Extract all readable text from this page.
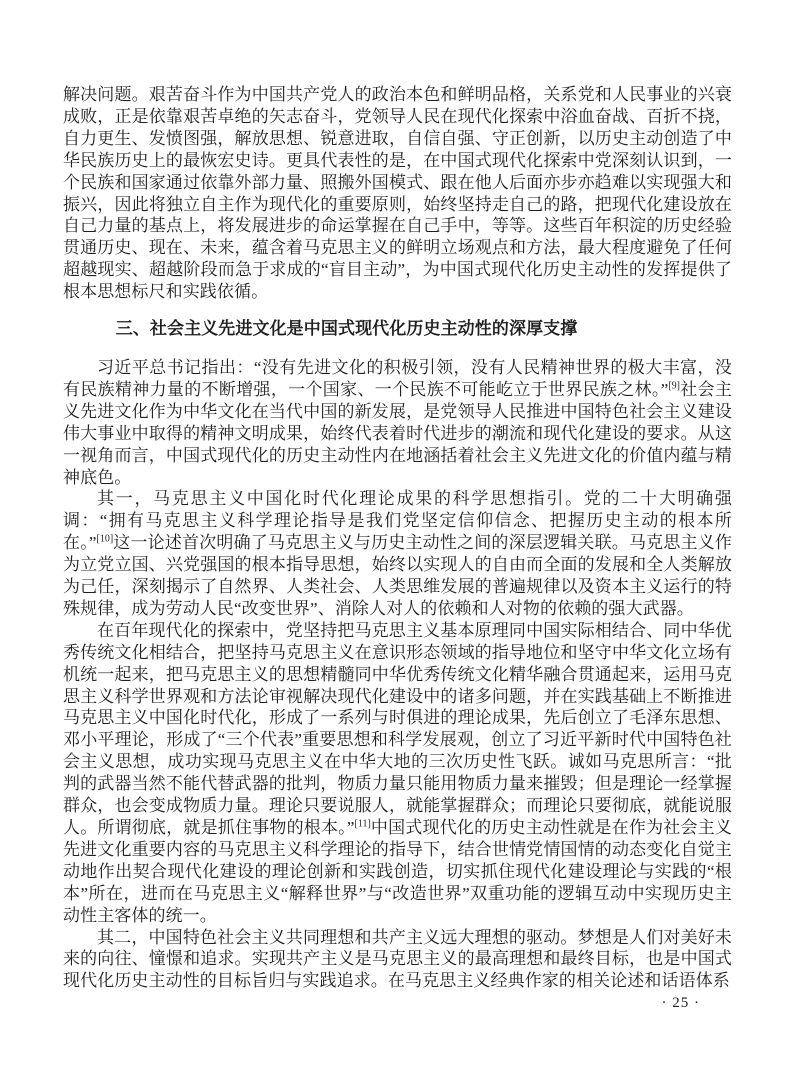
解决问题。艰苦奋斗作为中国共产党人的政治本色和鲜明品格，关系党和人民事业的兴衰成败，正是依靠艰苦卓绝的矢志奋斗，党领导人民在现代化探索中浴血奋战、百折不挠，自力更生、发愤图强，解放思想、锐意进取，自信自强、守正创新，以历史主动创造了中华民族历史上的最恢宏史诗。更具代表性的是，在中国式现代化探索中党深刻认识到，一个民族和国家通过依靠外部力量、照搬外国模式、跟在他人后面亦步亦趋难以实现强大和振兴，因此将独立自主作为现代化的重要原则，始终坚持走自己的路，把现代化建设放在自己力量的基点上，将发展进步的命运掌握在自己手中，等等。这些百年积淀的历史经验贯通历史、现在、未来，蕴含着马克思主义的鲜明立场观点和方法，最大程度避免了任何超越现实、超越阶段而急于求成的“盲目主动”，为中国式现代化历史主动性的发挥提供了根本思想标尺和实践依循。

三、社会主义先进文化是中国式现代化历史主动性的深厚支撑

习近平总书记指出：“没有先进文化的积极引领，没有人民精神世界的极大丰富，没有民族精神力量的不断增强，一个国家、一个民族不可能屹立于世界民族之林。”[9]社会主义先进文化作为中华文化在当代中国的新发展，是党领导人民推进中国特色社会主义建设伟大事业中取得的精神文明成果，始终代表着时代进步的潮流和现代化建设的要求。从这一视角而言，中国式现代化的历史主动性内在地涵括着社会主义先进文化的价值内蕴与精神底色。

其一，马克思主义中国化时代化理论成果的科学思想指引。党的二十大明确强调：“拥有马克思主义科学理论指导是我们党坚定信仰信念、把握历史主动的根本所在。”[10]这一论述首次明确了马克思主义与历史主动性之间的深层逻辑关联。马克思主义作为立党立国、兴党强国的根本指导思想，始终以实现人的自由而全面的发展和全人类解放为己任，深刻揭示了自然界、人类社会、人类思维发展的普遍规律以及资本主义运行的特殊规律，成为劳动人民“改变世界”、消除人对人的依赖和人对物的依赖的强大武器。

在百年现代化的探索中，党坚持把马克思主义基本原理同中国实际相结合、同中华优秀传统文化相结合，把坚持马克思主义在意识形态领域的指导地位和坚守中华文化立场有机统一起来，把马克思主义的思想精髓同中华优秀传统文化精华融合贯通起来，运用马克思主义科学世界观和方法论审视解决现代化建设中的诸多问题，并在实践基础上不断推进马克思主义中国化时代化，形成了一系列与时俱进的理论成果，先后创立了毛泽东思想、邓小平理论，形成了“三个代表”重要思想和科学发展观，创立了习近平新时代中国特色社会主义思想，成功实现马克思主义在中华大地的三次历史性飞跃。诚如马克思所言：“批判的武器当然不能代替武器的批判，物质力量只能用物质力量来摧毁；但是理论一经掌握群众，也会变成物质力量。理论只要说服人，就能掌握群众；而理论只要彻底，就能说服人。所谓彻底，就是抓住事物的根本。”[11]中国式现代化的历史主动性就是在作为社会主义先进文化重要内容的马克思主义科学理论的指导下，结合世情党情国情的动态变化自觉主动地作出契合现代化建设的理论创新和实践创造，切实抓住现代化建设理论与实践的“根本”所在，进而在马克思主义“解释世界”与“改造世界”双重功能的逻辑互动中实现历史主动性主客体的统一。

其二，中国特色社会主义共同理想和共产主义远大理想的驱动。梦想是人们对美好未来的向往、憧憬和追求。实现共产主义是马克思主义的最高理想和最终目标，也是中国式现代化历史主动性的目标旨归与实践追求。在马克思主义经典作家的相关论述和话语体系

· 25 ·
